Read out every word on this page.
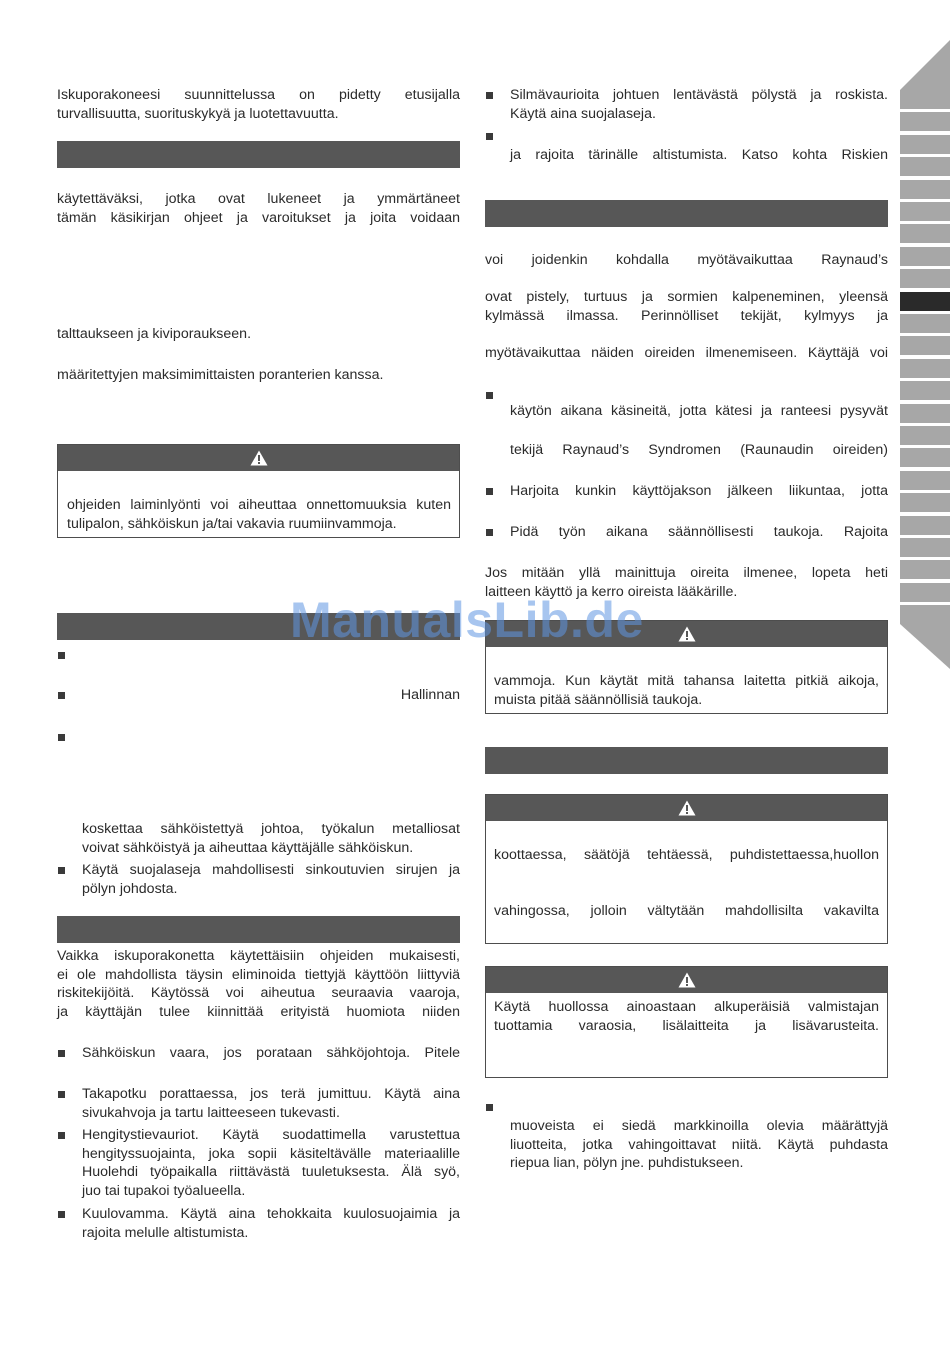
Iskuporakoneesi suunnittelussa on pidetty etusijalla
turvallisuutta, suorituskykyä ja luotettavuutta.
käytettäväksi, jotka ovat lukeneet ja ymmärtäneet
tämän käsikirjan ohjeet ja varoitukset ja joita voidaan
talttaukseen ja kiviporaukseen.
määritettyjen maksimimittaisten poranterien kanssa.
ohjeiden laiminlyönti voi aiheuttaa onnettomuuksia kuten
tulipalon, sähköiskun ja/tai vakavia ruumiinvammoja.
Hallinnan
koskettaa sähköistettyä johtoa, työkalun metalliosat
voivat sähköistyä ja aiheuttaa käyttäjälle sähköiskun.
Käytä suojalaseja mahdollisesti sinkoutuvien sirujen ja
pölyn johdosta.
Vaikka iskuporakonetta käytettäisiin ohjeiden mukaisesti,
ei ole mahdollista täysin eliminoida tiettyjä käyttöön liittyviä
riskitekijöitä. Käytössä voi aiheutua seuraavia vaaroja,
ja käyttäjän tulee kiinnittää erityistä huomiota niiden
Sähköiskun vaara, jos porataan sähköjohtoja. Pitele
Takapotku porattaessa, jos terä jumittuu. Käytä aina
sivukahvoja ja tartu laitteeseen tukevasti.
Hengitystievauriot. Käytä suodattimella varustettua
hengityssuojainta, joka sopii käsiteltävälle materiaalille
Huolehdi työpaikalla riittävästä tuuletuksesta. Älä syö,
juo tai tupakoi työalueella.
Kuulovamma. Käytä aina tehokkaita kuulosuojaimia ja
rajoita melulle altistumista.
Silmävaurioita johtuen lentävästä pölystä ja roskista.
Käytä aina suojalaseja.
ja rajoita tärinälle altistumista. Katso kohta Riskien
voi joidenkin kohdalla myötävaikuttaa Raynaud’s
ovat pistely, turtuus ja sormien kalpeneminen, yleensä
kylmässä ilmassa. Perinnölliset tekijät, kylmyys ja
myötävaikuttaa näiden oireiden ilmenemiseen. Käyttäjä voi
käytön aikana käsineitä, jotta kätesi ja ranteesi pysyvät
tekijä Raynaud’s Syndromen (Raunaudin oireiden)
Harjoita kunkin käyttöjakson jälkeen liikuntaa, jotta
Pidä työn aikana säännöllisesti taukoja. Rajoita
Jos mitään yllä mainittuja oireita ilmenee, lopeta heti
laitteen käyttö ja kerro oireista lääkärille.
vammoja. Kun käytät mitä tahansa laitetta pitkiä aikoja,
muista pitää säännöllisiä taukoja.
koottaessa, säätöjä tehtäessä, puhdistettaessa,huollon
vahingossa, jolloin vältytään mahdollisilta vakavilta
Käytä huollossa ainoastaan alkuperäisiä valmistajan
tuottamia varaosia, lisälaitteita ja lisävarusteita.
muoveista ei siedä markkinoilla olevia määrättyjä
liuotteita, jotka vahingoittavat niitä. Käytä puhdasta
riepua lian, pölyn jne. puhdistukseen.
ManualsLib.de
